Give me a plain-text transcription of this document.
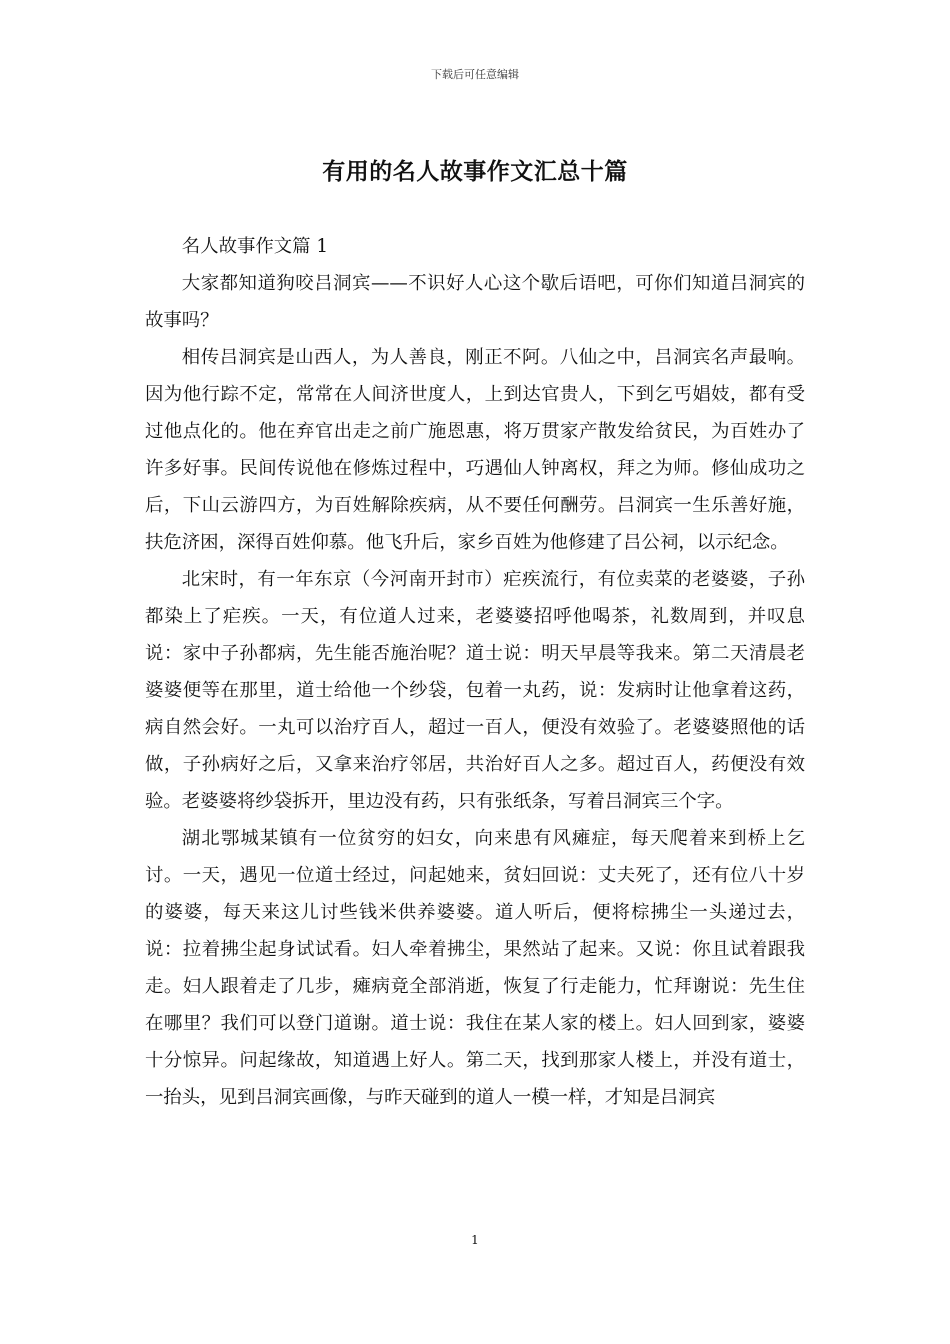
下载后可任意编辑
有用的名人故事作文汇总十篇

名人故事作文篇 1

大家都知道狗咬吕洞宾——不识好人心这个歇后语吧，可你们知道吕洞宾的故事吗？

相传吕洞宾是山西人，为人善良，刚正不阿。八仙之中，吕洞宾名声最响。因为他行踪不定，常常在人间济世度人，上到达官贵人，下到乞丐娼妓，都有受过他点化的。他在弃官出走之前广施恩惠，将万贯家产散发给贫民，为百姓办了许多好事。民间传说他在修炼过程中，巧遇仙人钟离权，拜之为师。修仙成功之后，下山云游四方，为百姓解除疾病，从不要任何酬劳。吕洞宾一生乐善好施，扶危济困，深得百姓仰慕。他飞升后，家乡百姓为他修建了吕公祠，以示纪念。

北宋时，有一年东京（今河南开封市）疟疾流行，有位卖菜的老婆婆，子孙都染上了疟疾。一天，有位道人过来，老婆婆招呼他喝茶，礼数周到，并叹息说：家中子孙都病，先生能否施治呢？道士说：明天早晨等我来。第二天清晨老婆婆便等在那里，道士给他一个纱袋，包着一丸药，说：发病时让他拿着这药，病自然会好。一丸可以治疗百人，超过一百人，便没有效验了。老婆婆照他的话做，子孙病好之后，又拿来治疗邻居，共治好百人之多。超过百人，药便没有效验。老婆婆将纱袋拆开，里边没有药，只有张纸条，写着吕洞宾三个字。

湖北鄂城某镇有一位贫穷的妇女，向来患有风瘫症，每天爬着来到桥上乞讨。一天，遇见一位道士经过，问起她来，贫妇回说：丈夫死了，还有位八十岁的婆婆，每天来这儿讨些钱米供养婆婆。道人听后，便将棕拂尘一头递过去，说：拉着拂尘起身试试看。妇人牵着拂尘，果然站了起来。又说：你且试着跟我走。妇人跟着走了几步，瘫病竟全部消逝，恢复了行走能力，忙拜谢说：先生住在哪里？我们可以登门道谢。道士说：我住在某人家的楼上。妇人回到家，婆婆十分惊异。问起缘故，知道遇上好人。第二天，找到那家人楼上，并没有道士，一抬头，见到吕洞宾画像，与昨天碰到的道人一模一样，才知是吕洞宾

1
